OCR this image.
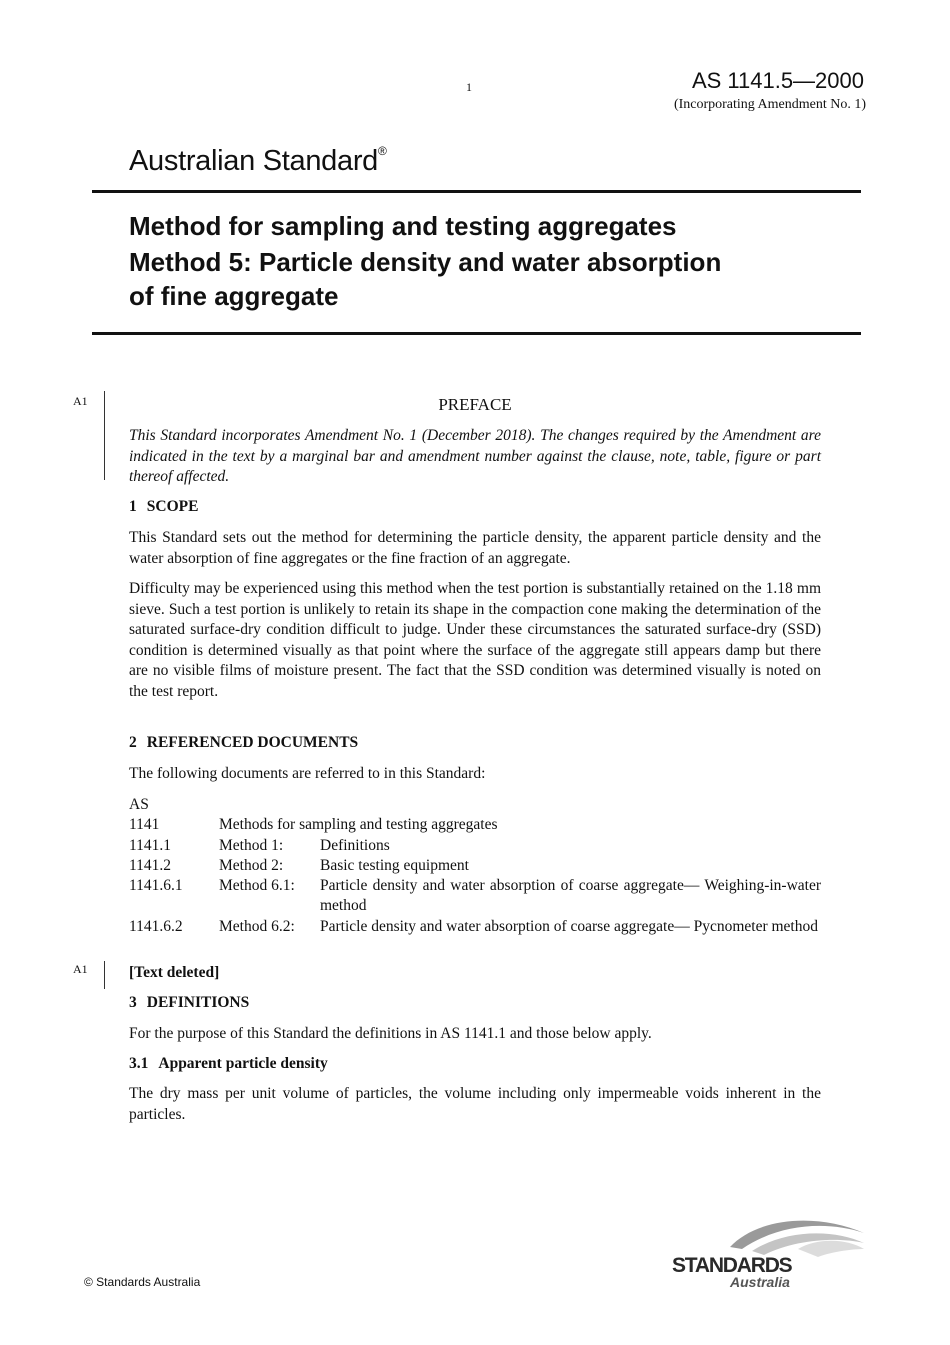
1	AS 1141.5—2000
(Incorporating Amendment No. 1)
Australian Standard®
Method for sampling and testing aggregates
Method 5: Particle density and water absorption
of fine aggregate
A1
A1
PREFACE
This Standard incorporates Amendment No. 1 (December 2018). The changes required by the Amendment are indicated in the text by a marginal bar and amendment number against the clause, note, table, figure or part thereof affected.
1 SCOPE
This Standard sets out the method for determining the particle density, the apparent particle density and the water absorption of fine aggregates or the fine fraction of an aggregate.
Difficulty may be experienced using this method when the test portion is substantially retained on the 1.18 mm sieve. Such a test portion is unlikely to retain its shape in the compaction cone making the determination of the saturated surface-dry condition difficult to judge. Under these circumstances the saturated surface-dry (SSD) condition is determined visually as that point where the surface of the aggregate still appears damp but there are no visible films of moisture present. The fact that the SSD condition was determined visually is noted on the test report.
2 REFERENCED DOCUMENTS
The following documents are referred to in this Standard:
AS
1141	Methods for sampling and testing aggregates
1141.1	Method 1:	Definitions
1141.2	Method 2:	Basic testing equipment
1141.6.1	Method 6.1:	Particle density and water absorption of coarse aggregate— Weighing-in-water method
1141.6.2	Method 6.2:	Particle density and water absorption of coarse aggregate— Pycnometer method
[Text deleted]
3 DEFINITIONS
For the purpose of this Standard the definitions in AS 1141.1 and those below apply.
3.1 Apparent particle density
The dry mass per unit volume of particles, the volume including only impermeable voids inherent in the particles.
© Standards Australia
STANDARDS
Australia
